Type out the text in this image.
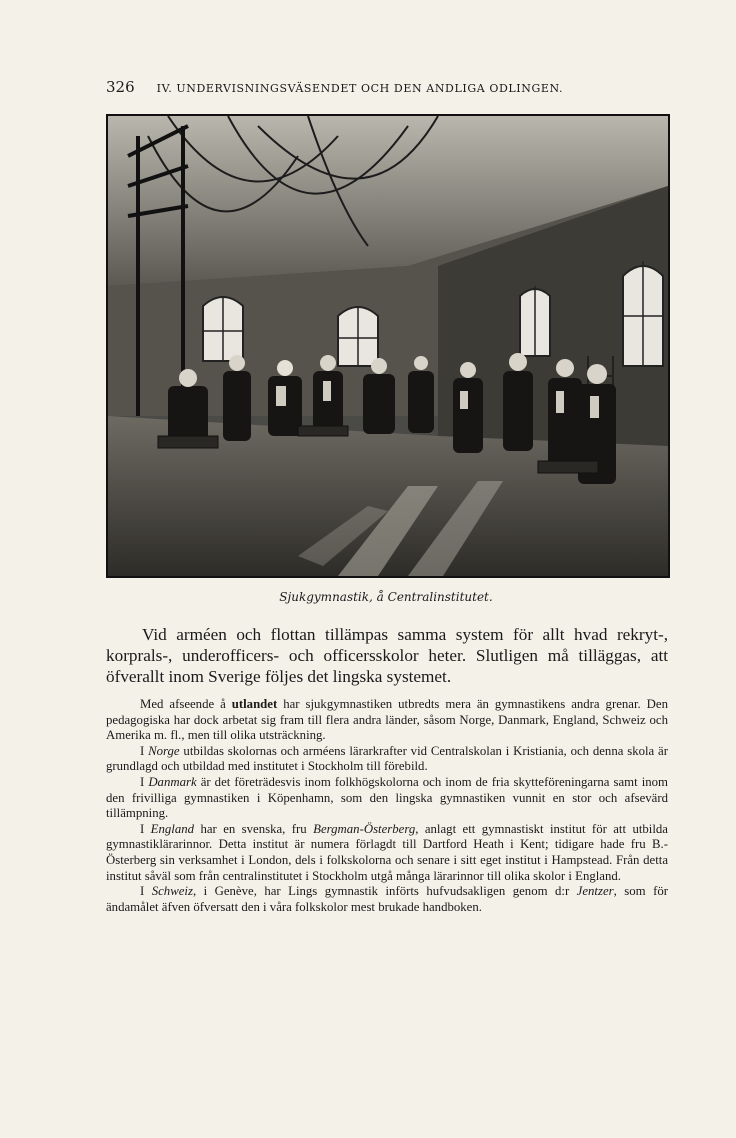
326 IV. UNDERVISNINGSVÄSENDET OCH DEN ANDLIGA ODLINGEN.
Sjukgymnastik, å Centralinstitutet.

Vid arméen och flottan tillämpas samma system för allt hvad rekryt-, korprals-, underofficers- och officersskolor heter. Slutligen må tilläggas, att öfverallt inom Sverige följes det lingska systemet.

Med afseende å utlandet har sjukgymnastiken utbredts mera än gymnastikens andra grenar. Den pedagogiska har dock arbetat sig fram till flera andra länder, såsom Norge, Danmark, England, Schweiz och Amerika m. fl., men till olika utsträckning.

I Norge utbildas skolornas och arméens lärarkrafter vid Centralskolan i Kristiania, och denna skola är grundlagd och utbildad med institutet i Stockholm till förebild.

I Danmark är det företrädesvis inom folkhögskolorna och inom de fria skytteföreningarna samt inom den frivilliga gymnastiken i Köpenhamn, som den lingska gymnastiken vunnit en stor och afsevärd tillämpning.

I England har en svenska, fru Bergman-Österberg, anlagt ett gymnastiskt institut för att utbilda gymnastiklärarinnor. Detta institut är numera förlagdt till Dartford Heath i Kent; tidigare hade fru B.-Österberg sin verksamhet i London, dels i folkskolorna och senare i sitt eget institut i Hampstead. Från detta institut såväl som från centralinstitutet i Stockholm utgå många lärarinnor till olika skolor i England.

I Schweiz, i Genève, har Lings gymnastik införts hufvudsakligen genom d:r Jentzer, som för ändamålet äfven öfversatt den i våra folkskolor mest brukade handboken.
